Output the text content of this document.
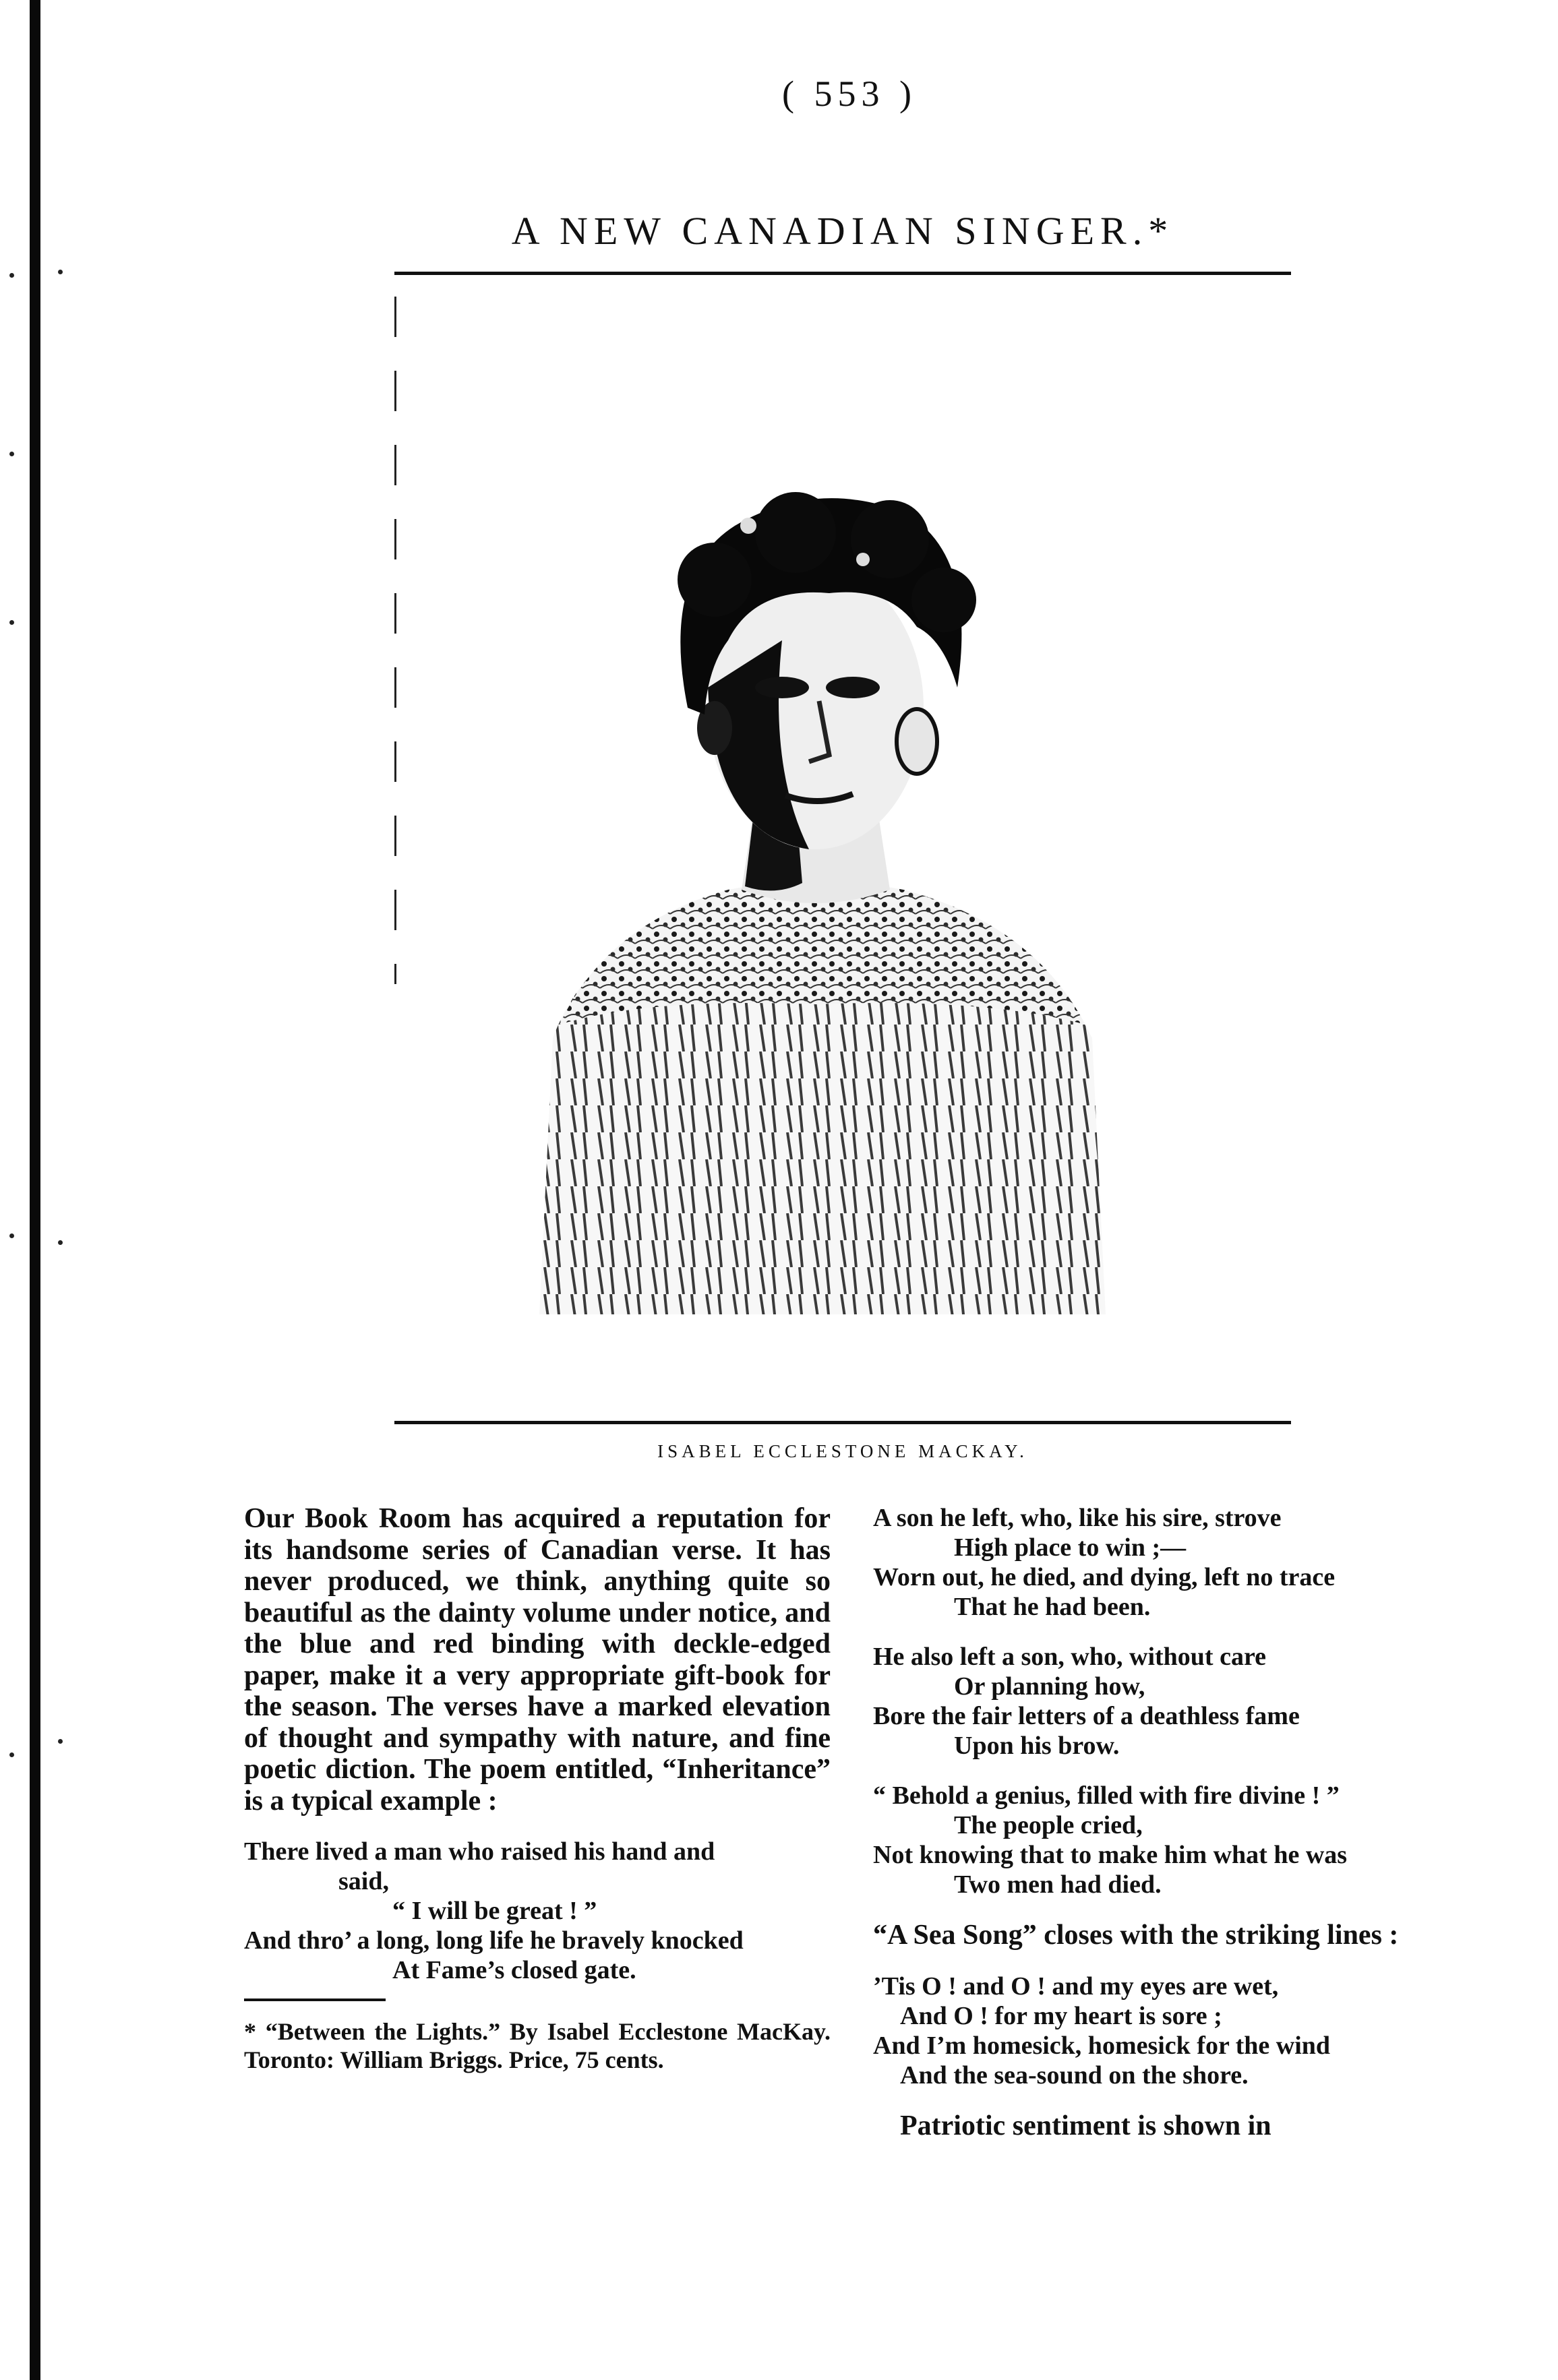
( 553 )
A NEW CANADIAN SINGER.*
ISABEL ECCLESTONE MACKAY.

Our Book Room has acquired a reputation for its handsome series of Canadian verse. It has never produced, we think, anything quite so beautiful as the dainty volume under notice, and the blue and red binding with deckle-edged paper, make it a very appropriate gift-book for the season. The verses have a marked elevation of thought and sympathy with nature, and fine poetic diction. The poem entitled, “Inheritance” is a typical example :

There lived a man who raised his hand and
said,
“ I will be great ! ”
And thro’ a long, long life he bravely knocked
At Fame’s closed gate.

* “Between the Lights.” By Isabel Ecclestone MacKay. Toronto: William Briggs. Price, 75 cents.

A son he left, who, like his sire, strove
High place to win ;—
Worn out, he died, and dying, left no trace
That he had been.
He also left a son, who, without care
Or planning how,
Bore the fair letters of a deathless fame
Upon his brow.
“ Behold a genius, filled with fire divine ! ”
The people cried,
Not knowing that to make him what he was
Two men had died.

“A Sea Song” closes with the striking lines :

’Tis O ! and O ! and my eyes are wet,
And O ! for my heart is sore ;
And I’m homesick, homesick for the wind
And the sea-sound on the shore.

Patriotic sentiment is shown in
